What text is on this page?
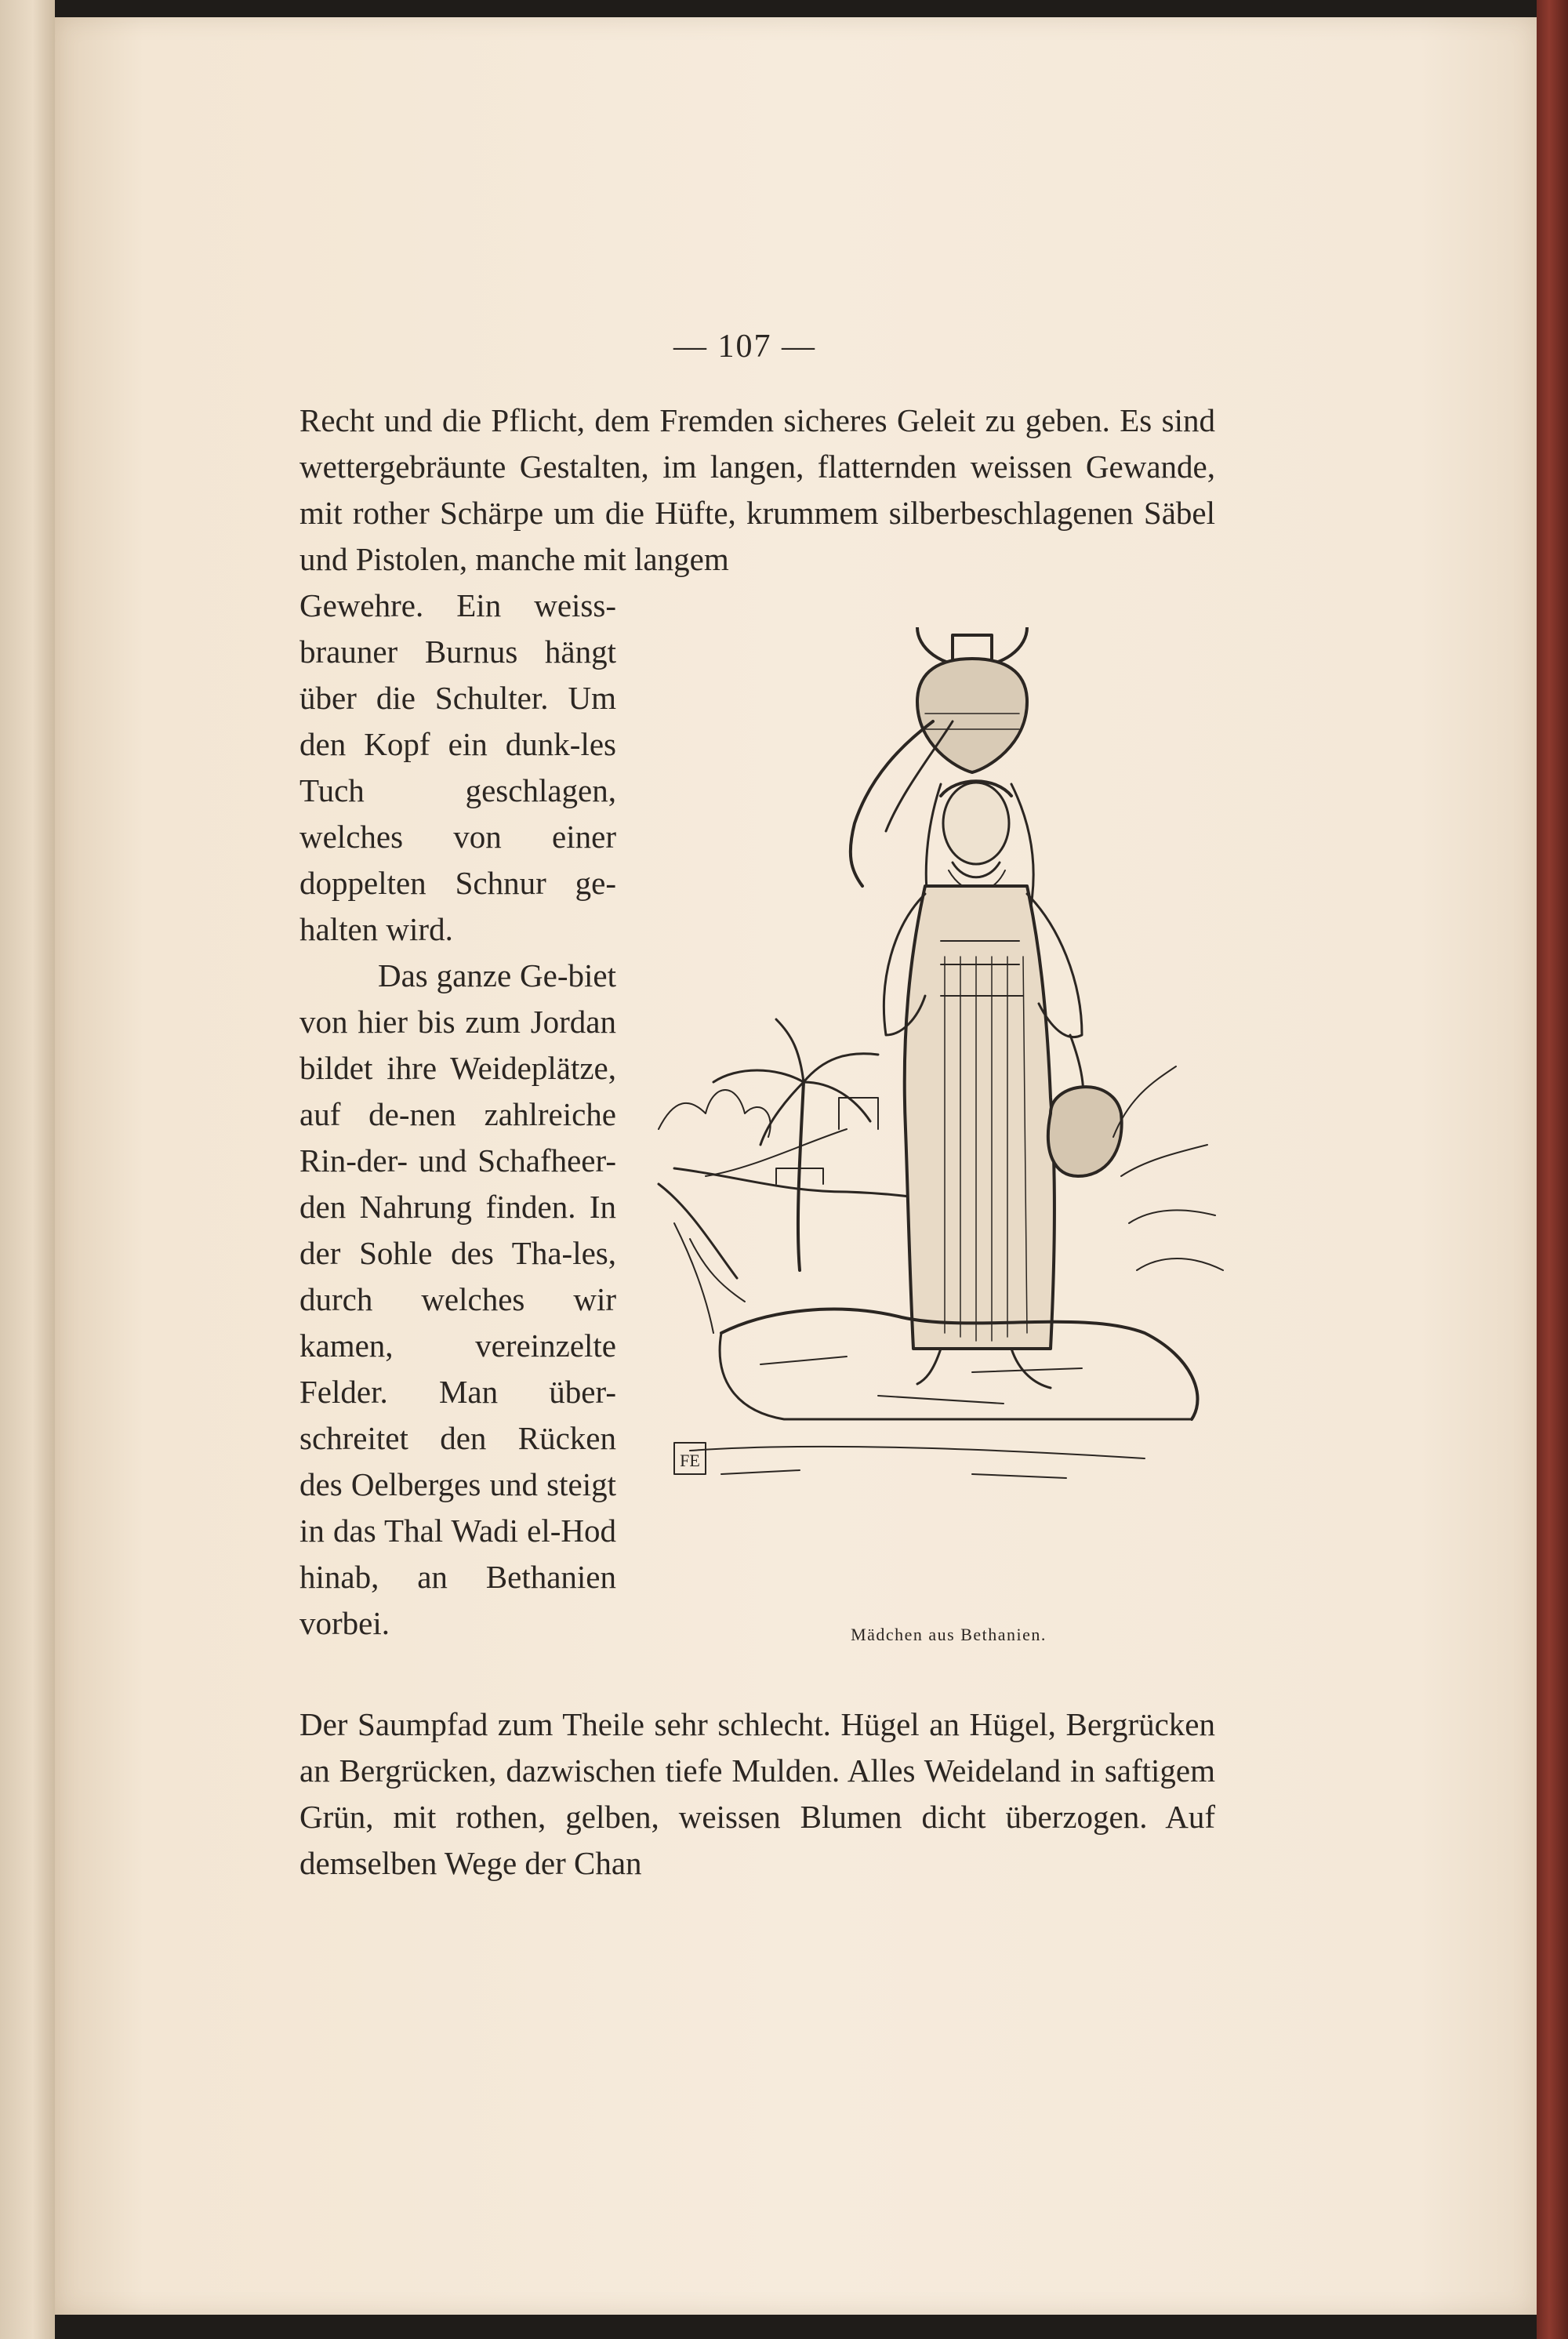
— 107 —

Recht und die Pflicht, dem Fremden sicheres Geleit zu geben. Es sind wettergebräunte Gestalten, im langen, flatternden weissen Gewande, mit rother Schärpe um die Hüfte, krummem silberbeschlagenen Säbel und Pistolen, manche mit langem

Gewehre. Ein weiss-brauner Burnus hängt über die Schulter. Um den Kopf ein dunk-les Tuch geschlagen, welches von einer doppelten Schnur ge-halten wird.

Das ganze Ge-biet von hier bis zum Jordan bildet ihre Weideplätze, auf de-nen zahlreiche Rin-der- und Schafheer-den Nahrung finden. In der Sohle des Tha-les, durch welches wir kamen, vereinzelte Felder. Man über-schreitet den Rücken des Oelberges und steigt in das Thal Wadi el-Hod hinab, an Bethanien vorbei.

FE
Mädchen aus Bethanien.

Der Saumpfad zum Theile sehr schlecht. Hügel an Hügel, Bergrücken an Bergrücken, dazwischen tiefe Mulden. Alles Weideland in saftigem Grün, mit rothen, gelben, weissen Blumen dicht überzogen. Auf demselben Wege der Chan
